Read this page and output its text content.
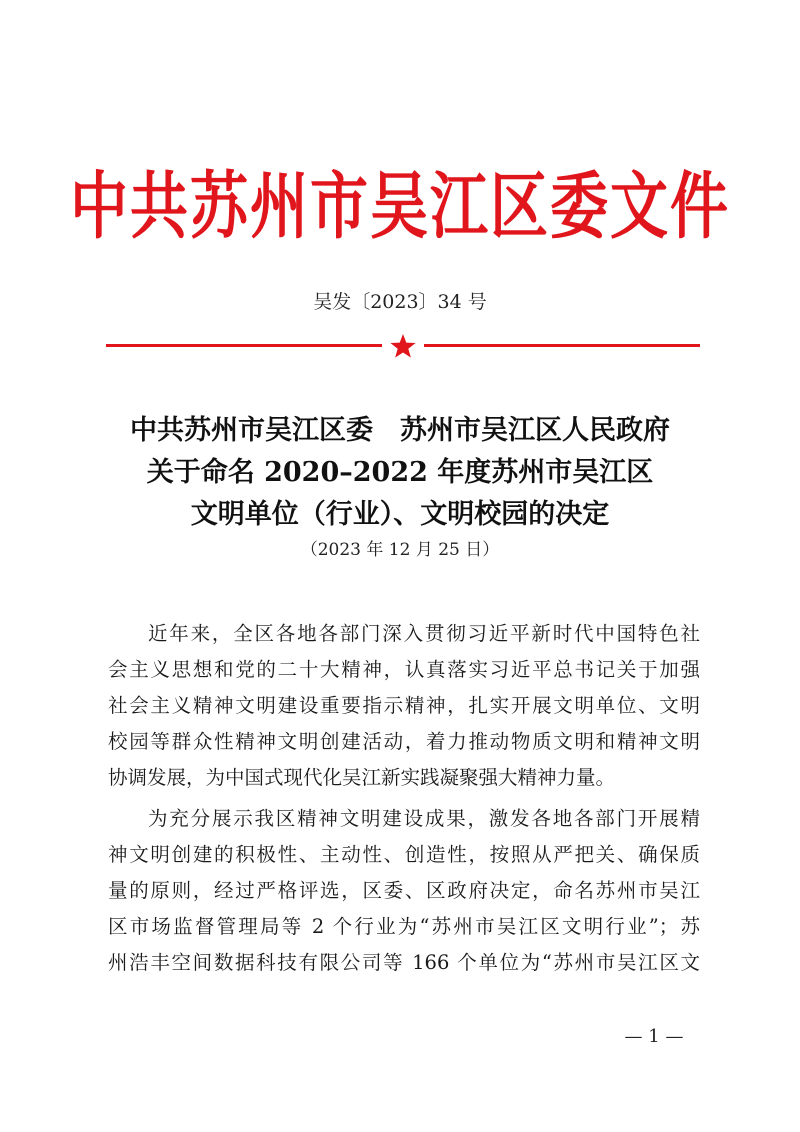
中共苏州市吴江区委文件
吴发〔2023〕34 号
中共苏州市吴江区委　苏州市吴江区人民政府
关于命名 2020–2022 年度苏州市吴江区
文明单位（行业）、文明校园的决定
（2023 年 12 月 25 日）
近年来，全区各地各部门深入贯彻习近平新时代中国特色社
会主义思想和党的二十大精神，认真落实习近平总书记关于加强
社会主义精神文明建设重要指示精神，扎实开展文明单位、文明
校园等群众性精神文明创建活动，着力推动物质文明和精神文明
协调发展，为中国式现代化吴江新实践凝聚强大精神力量。
为充分展示我区精神文明建设成果，激发各地各部门开展精
神文明创建的积极性、主动性、创造性，按照从严把关、确保质
量的原则，经过严格评选，区委、区政府决定，命名苏州市吴江
区市场监督管理局等 2 个行业为“苏州市吴江区文明行业”；苏
州浩丰空间数据科技有限公司等 166 个单位为“苏州市吴江区文
— 1 —
